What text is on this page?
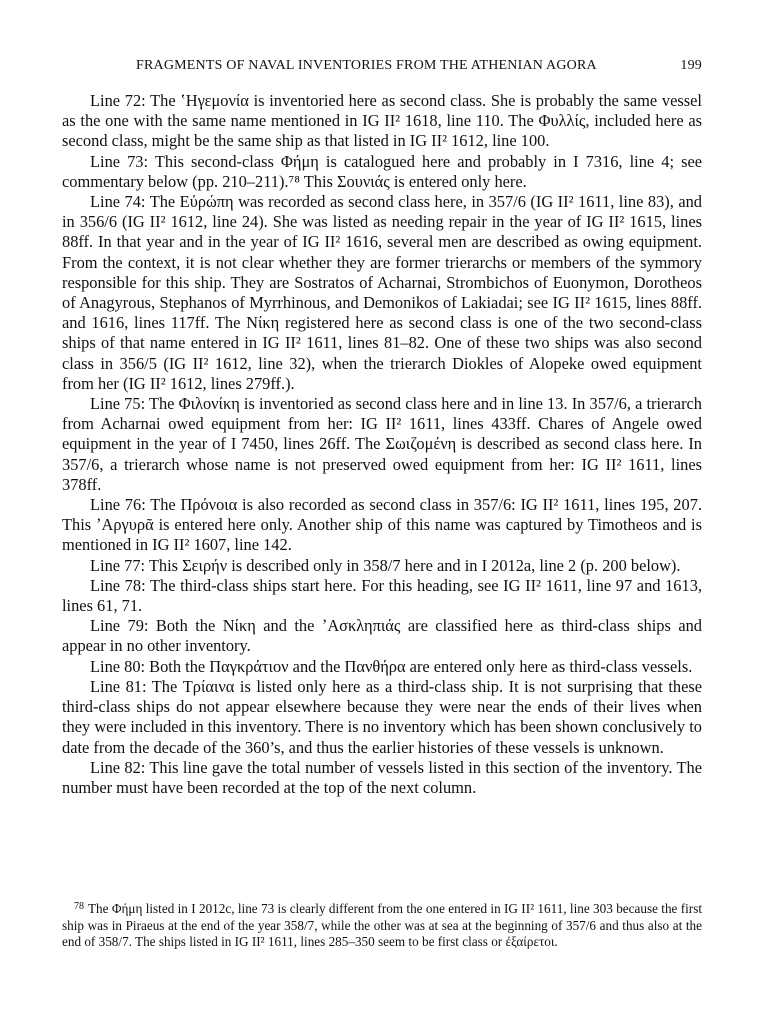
FRAGMENTS OF NAVAL INVENTORIES FROM THE ATHENIAN AGORA	199

Line 72: The ʽΗγεμονία is inventoried here as second class. She is probably the same vessel as the one with the same name mentioned in IG II² 1618, line 110. The Φυλλίς, included here as second class, might be the same ship as that listed in IG II² 1612, line 100.

Line 73: This second-class Φήμη is catalogued here and probably in I 7316, line 4; see commentary below (pp. 210–211).⁷⁸ This Σουνιάς is entered only here.

Line 74: The Εὐρώπη was recorded as second class here, in 357/6 (IG II² 1611, line 83), and in 356/6 (IG II² 1612, line 24). She was listed as needing repair in the year of IG II² 1615, lines 88ff. In that year and in the year of IG II² 1616, several men are described as owing equipment. From the context, it is not clear whether they are former trierarchs or members of the symmory responsible for this ship. They are Sostratos of Acharnai, Strombichos of Euonymon, Dorotheos of Anagyrous, Stephanos of Myrrhinous, and Demonikos of Lakiadai; see IG II² 1615, lines 88ff. and 1616, lines 117ff. The Νίκη registered here as second class is one of the two second-class ships of that name entered in IG II² 1611, lines 81–82. One of these two ships was also second class in 356/5 (IG II² 1612, line 32), when the trierarch Diokles of Alopeke owed equipment from her (IG II² 1612, lines 279ff.).

Line 75: The Φιλονίκη is inventoried as second class here and in line 13. In 357/6, a trierarch from Acharnai owed equipment from her: IG II² 1611, lines 433ff. Chares of Angele owed equipment in the year of I 7450, lines 26ff. The Σωιζομένη is described as second class here. In 357/6, a trierarch whose name is not preserved owed equipment from her: IG II² 1611, lines 378ff.

Line 76: The Πρόνοια is also recorded as second class in 357/6: IG II² 1611, lines 195, 207. This ʼΑργυρᾶ is entered here only. Another ship of this name was captured by Timotheos and is mentioned in IG II² 1607, line 142.

Line 77: This Σειρήν is described only in 358/7 here and in I 2012a, line 2 (p. 200 below).

Line 78: The third-class ships start here. For this heading, see IG II² 1611, line 97 and 1613, lines 61, 71.

Line 79: Both the Νίκη and the ʼΑσκληπιάς are classified here as third-class ships and appear in no other inventory.

Line 80: Both the Παγκράτιον and the Πανθήρα are entered only here as third-class vessels.

Line 81: The Τρίαινα is listed only here as a third-class ship. It is not surprising that these third-class ships do not appear elsewhere because they were near the ends of their lives when they were included in this inventory. There is no inventory which has been shown conclusively to date from the decade of the 360’s, and thus the earlier histories of these vessels is unknown.

Line 82: This line gave the total number of vessels listed in this section of the inventory. The number must have been recorded at the top of the next column.

$^{78}$ The Φήμη listed in I 2012c, line 73 is clearly different from the one entered in IG II² 1611, line 303 because the first ship was in Piraeus at the end of the year 358/7, while the other was at sea at the beginning of 357/6 and thus also at the end of 358/7. The ships listed in IG II² 1611, lines 285–350 seem to be first class or ἐξαίρετοι.
